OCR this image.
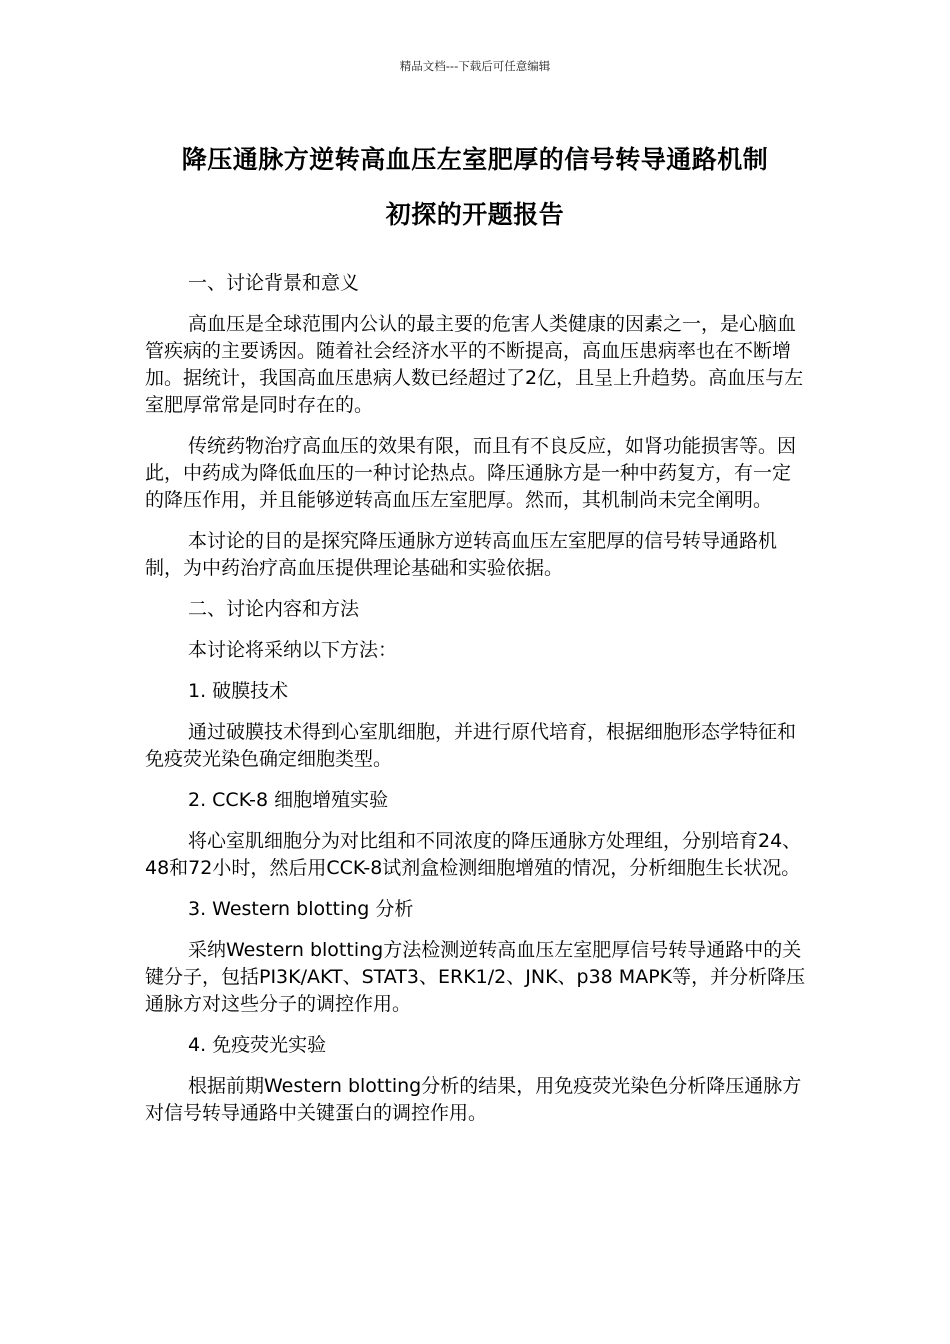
精品文档---下载后可任意编辑
降压通脉方逆转高血压左室肥厚的信号转导通路机制
初探的开题报告

一、讨论背景和意义

高血压是全球范围内公认的最主要的危害人类健康的因素之一，是心脑血管疾病的主要诱因。随着社会经济水平的不断提高，高血压患病率也在不断增加。据统计，我国高血压患病人数已经超过了2亿，且呈上升趋势。高血压与左室肥厚常常是同时存在的。

传统药物治疗高血压的效果有限，而且有不良反应，如肾功能损害等。因此，中药成为降低血压的一种讨论热点。降压通脉方是一种中药复方，有一定的降压作用，并且能够逆转高血压左室肥厚。然而，其机制尚未完全阐明。

本讨论的目的是探究降压通脉方逆转高血压左室肥厚的信号转导通路机制，为中药治疗高血压提供理论基础和实验依据。

二、讨论内容和方法

本讨论将采纳以下方法：

1. 破膜技术

通过破膜技术得到心室肌细胞，并进行原代培育，根据细胞形态学特征和免疫荧光染色确定细胞类型。

2. CCK-8 细胞增殖实验

将心室肌细胞分为对比组和不同浓度的降压通脉方处理组，分别培育24、48和72小时，然后用CCK-8试剂盒检测细胞增殖的情况，分析细胞生长状况。

3. Western blotting 分析

采纳Western blotting方法检测逆转高血压左室肥厚信号转导通路中的关键分子，包括PI3K/AKT、STAT3、ERK1/2、JNK、p38 MAPK等，并分析降压通脉方对这些分子的调控作用。

4. 免疫荧光实验

根据前期Western blotting分析的结果，用免疫荧光染色分析降压通脉方对信号转导通路中关键蛋白的调控作用。
